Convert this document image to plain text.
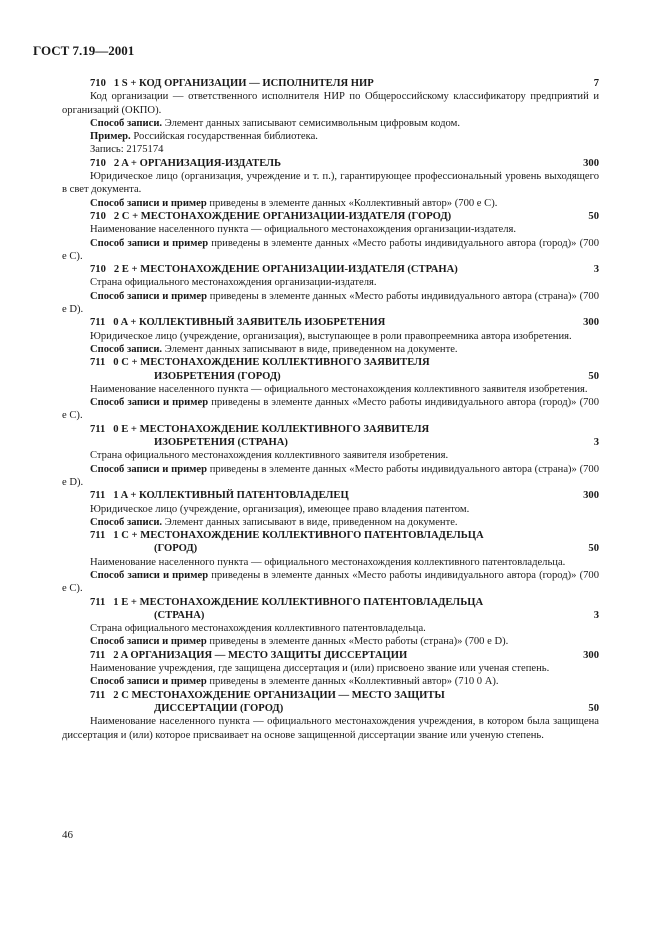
ГОСТ 7.19—2001
710 1 S + КОД ОРГАНИЗАЦИИ — ИСПОЛНИТЕЛЯ НИР	7

Код организации — ответственного исполнителя НИР по Общероссийскому классификатору предприятий и организаций (ОКПО).

Способ записи. Элемент данных записывают семисимвольным цифровым кодом.

Пример. Российская государственная библиотека.

Запись: 2175174

710 2 A + ОРГАНИЗАЦИЯ-ИЗДАТЕЛЬ	300

Юридическое лицо (организация, учреждение и т. п.), гарантирующее профессиональный уровень выходящего в свет документа.

Способ записи и пример приведены в элементе данных «Коллективный автор» (700 e C).

710 2 C + МЕСТОНАХОЖДЕНИЕ ОРГАНИЗАЦИИ-ИЗДАТЕЛЯ (ГОРОД)	50

Наименование населенного пункта — официального местонахождения организации-издателя.

Способ записи и пример приведены в элементе данных «Место работы индивидуального автора (город)» (700 e C).

710 2 E + МЕСТОНАХОЖДЕНИЕ ОРГАНИЗАЦИИ-ИЗДАТЕЛЯ (СТРАНА)	3

Страна официального местонахождения организации-издателя.

Способ записи и пример приведены в элементе данных «Место работы индивидуального автора (страна)» (700 e D).

711 0 A + КОЛЛЕКТИВНЫЙ ЗАЯВИТЕЛЬ ИЗОБРЕТЕНИЯ	300

Юридическое лицо (учреждение, организация), выступающее в роли правопреемника автора изобретения.

Способ записи. Элемент данных записывают в виде, приведенном на документе.

711 0 C + МЕСТОНАХОЖДЕНИЕ КОЛЛЕКТИВНОГО ЗАЯВИТЕЛЯ
ИЗОБРЕТЕНИЯ (ГОРОД)	50

Наименование населенного пункта — официального местонахождения коллективного заявителя изобретения.

Способ записи и пример приведены в элементе данных «Место работы индивидуального автора (город)» (700 e C).

711 0 E + МЕСТОНАХОЖДЕНИЕ КОЛЛЕКТИВНОГО ЗАЯВИТЕЛЯ
ИЗОБРЕТЕНИЯ (СТРАНА)	3

Страна официального местонахождения коллективного заявителя изобретения.

Способ записи и пример приведены в элементе данных «Место работы индивидуального автора (страна)» (700 e D).

711 1 A + КОЛЛЕКТИВНЫЙ ПАТЕНТОВЛАДЕЛЕЦ	300

Юридическое лицо (учреждение, организация), имеющее право владения патентом.

Способ записи. Элемент данных записывают в виде, приведенном на документе.

711 1 C + МЕСТОНАХОЖДЕНИЕ КОЛЛЕКТИВНОГО ПАТЕНТОВЛАДЕЛЬЦА
(ГОРОД)	50

Наименование населенного пункта — официального местонахождения коллективного патентовладельца.

Способ записи и пример приведены в элементе данных «Место работы индивидуального автора (город)» (700 e C).

711 1 E + МЕСТОНАХОЖДЕНИЕ КОЛЛЕКТИВНОГО ПАТЕНТОВЛАДЕЛЬЦА
(СТРАНА)	3

Страна официального местонахождения коллективного патентовладельца.

Способ записи и пример приведены в элементе данных «Место работы (страна)» (700 e D).

711 2 A ОРГАНИЗАЦИЯ — МЕСТО ЗАЩИТЫ ДИССЕРТАЦИИ	300

Наименование учреждения, где защищена диссертация и (или) присвоено звание или ученая степень.

Способ записи и пример приведены в элементе данных «Коллективный автор» (710 0 A).

711 2 C МЕСТОНАХОЖДЕНИЕ ОРГАНИЗАЦИИ — МЕСТО ЗАЩИТЫ
ДИССЕРТАЦИИ (ГОРОД)	50

Наименование населенного пункта — официального местонахождения учреждения, в котором была защищена диссертация и (или) которое присваивает на основе защищенной диссертации звание или ученую степень.

46
